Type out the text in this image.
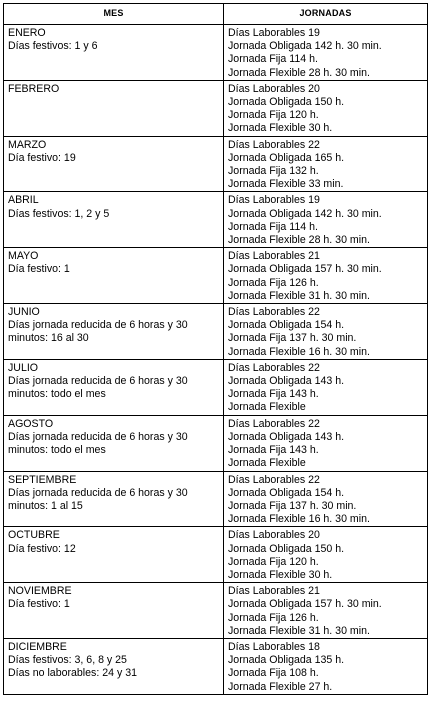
MES	JORNADAS

ENERO
Días festivos: 1 y 6	Días Laborables 19
Jornada Obligada 142 h. 30 min.
Jornada Fija 114 h.
Jornada Flexible 28 h. 30 min.

FEBRERO	Días Laborables 20
Jornada Obligada 150 h.
Jornada Fija 120 h.
Jornada Flexible 30 h.

MARZO
Día festivo: 19	Días Laborables 22
Jornada Obligada 165 h.
Jornada Fija 132 h.
Jornada Flexible 33 min.

ABRIL
Días festivos: 1, 2 y 5	Días Laborables 19
Jornada Obligada 142 h. 30 min.
Jornada Fija 114 h.
Jornada Flexible 28 h. 30 min.

MAYO
Día festivo: 1	Días Laborables 21
Jornada Obligada 157 h. 30 min.
Jornada Fija 126 h.
Jornada Flexible 31 h. 30 min.

JUNIO
Días jornada reducida de 6 horas y 30
minutos: 16 al 30	Días Laborables 22
Jornada Obligada 154 h.
Jornada Fija 137 h. 30 min.
Jornada Flexible 16 h. 30 min.

JULIO
Días jornada reducida de 6 horas y 30
minutos: todo el mes	Días Laborables 22
Jornada Obligada 143 h.
Jornada Fija 143 h.
Jornada Flexible

AGOSTO
Días jornada reducida de 6 horas y 30
minutos: todo el mes	Días Laborables 22
Jornada Obligada 143 h.
Jornada Fija 143 h.
Jornada Flexible

SEPTIEMBRE
Días jornada reducida de 6 horas y 30
minutos: 1 al 15	Días Laborables 22
Jornada Obligada 154 h.
Jornada Fija 137 h. 30 min.
Jornada Flexible 16 h. 30 min.

OCTUBRE
Día festivo: 12	Días Laborables 20
Jornada Obligada 150 h.
Jornada Fija 120 h.
Jornada Flexible 30 h.

NOVIEMBRE
Día festivo: 1	Días Laborables 21
Jornada Obligada 157 h. 30 min.
Jornada Fija 126 h.
Jornada Flexible 31 h. 30 min.

DICIEMBRE
Días festivos: 3, 6, 8 y 25
Días no laborables: 24 y 31	Días Laborables 18
Jornada Obligada 135 h.
Jornada Fija 108 h.
Jornada Flexible 27 h.
